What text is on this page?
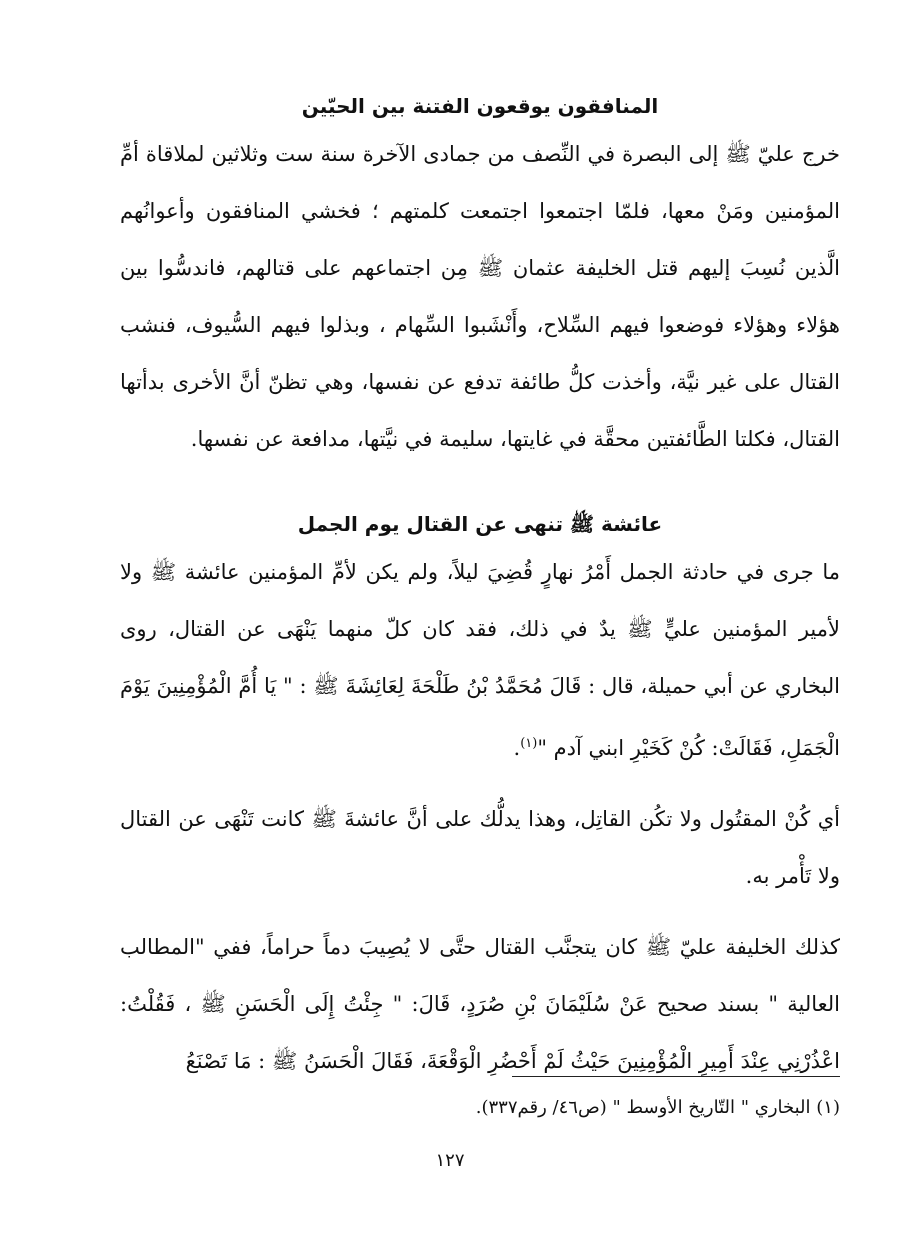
المنافقون يوقعون الفتنة بين الحيّين

خرج عليّ ﷺ إلى البصرة في النِّصف من جمادى الآخرة سنة ست وثلاثين لملاقاة أمِّ المؤمنين ومَنْ معها، فلمّا اجتمعوا اجتمعت كلمتهم ؛ فخشي المنافقون وأعوانُهم الَّذين نُسِبَ إليهم قتل الخليفة عثمان ﷺ مِن اجتماعهم على قتالهم، فاندسُّوا بين هؤلاء وهؤلاء فوضعوا فيهم السِّلاح، وأَنْشَبوا السِّهام ، وبذلوا فيهم السُّيوف، فنشب القتال على غير نيَّة، وأخذت كلُّ طائفة تدفع عن نفسها، وهي تظنّ أنَّ الأخرى بدأتها القتال، فكلتا الطَّائفتين محقَّة في غايتها، سليمة في نيَّتها، مدافعة عن نفسها.

عائشة ﷺ تنهى عن القتال يوم الجمل

ما جرى في حادثة الجمل أَمْرُ نهارٍ قُضِيَ ليلاً، ولم يكن لأمِّ المؤمنين عائشة ﷺ ولا لأمير المؤمنين عليٍّ ﷺ يدٌ في ذلك، فقد كان كلّ منهما يَنْهَى عن القتال، روى البخاري عن أبي حميلة، قال : قَالَ مُحَمَّدُ بْنُ طَلْحَةَ لِعَائِشَةَ ﷺ : " يَا أُمَّ الْمُؤْمِنِينَ يَوْمَ الْجَمَلِ، فَقَالَتْ: كُنْ كَخَيْرِ ابني آدم "$^{(١)}$.

أي كُنْ المقتُول ولا تكُن القاتِل، وهذا يدلُّك على أنَّ عائشةَ ﷺ كانت تَنْهَى عن القتال ولا تَأْمر به.

كذلك الخليفة عليّ ﷺ كان يتجنَّب القتال حتَّى لا يُصِيبَ دماً حراماً، ففي "المطالب العالية " بسند صحيح عَنْ سُلَيْمَانَ بْنِ صُرَدٍ، قَالَ: " جِئْتُ إِلَى الْحَسَنِ ﷺ ، فَقُلْتُ: اعْذُرْنِي عِنْدَ أَمِيرِ الْمُؤْمِنِينَ حَيْثُ لَمْ أَحْضُرِ الْوَقْعَةَ، فَقَالَ الْحَسَنُ ﷺ : مَا تَصْنَعُ

(١) البخاري " التّاريخ الأوسط " (ص٤٦/ رقم٣٣٧).

١٢٧
